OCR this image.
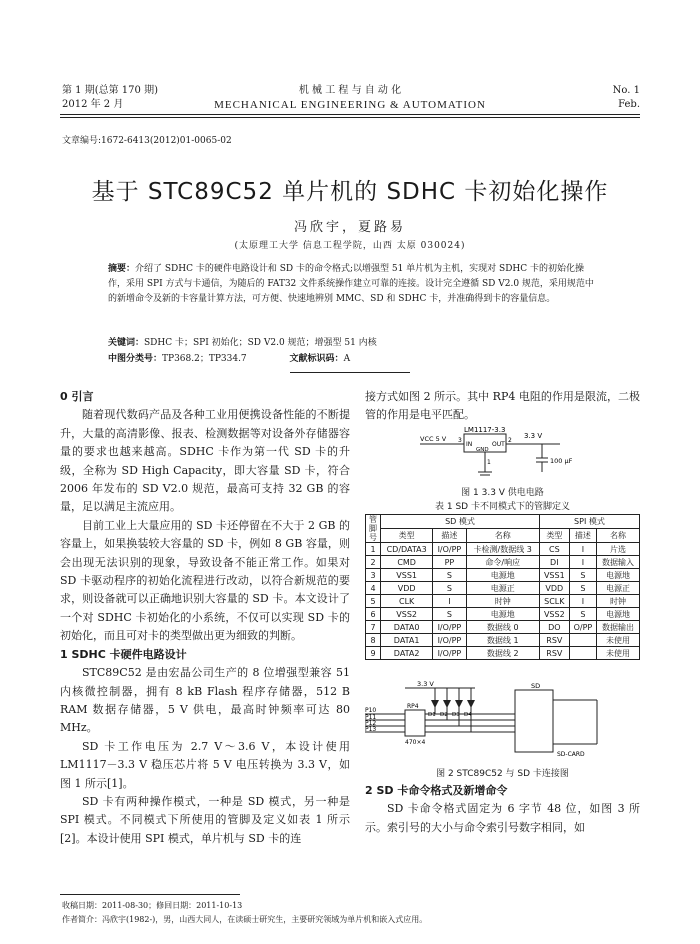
第 1 期(总第 170 期)
2012 年 2 月
机 械 工 程 与 自 动 化
MECHANICAL ENGINEERING & AUTOMATION
No. 1
Feb.
文章编号:1672-6413(2012)01-0065-02
基于 STC89C52 单片机的 SDHC 卡初始化操作
冯欣宇，夏路易
(太原理工大学 信息工程学院，山西 太原 030024)
摘要：介绍了 SDHC 卡的硬件电路设计和 SD 卡的命令格式;以增强型 51 单片机为主机，实现对 SDHC 卡的初始化操作，采用 SPI 方式与卡通信，为随后的 FAT32 文件系统操作建立可靠的连接。设计完全遵循 SD V2.0 规范，采用规范中的新增命令及新的卡容量计算方法，可方便、快速地辨别 MMC、SD 和 SDHC 卡，并准确得到卡的容量信息。
关键词：SDHC 卡；SPI 初始化；SD V2.0 规范；增强型 51 内核
中图分类号：TP368.2；TP334.7	文献标识码：A
0 引言

随着现代数码产品及各种工业用便携设备性能的不断提升，大量的高清影像、报表、检测数据等对设备外存储器容量的要求也越来越高。SDHC 卡作为第一代 SD 卡的升级，全称为 SD High Capacity，即大容量 SD 卡，符合 2006 年发布的 SD V2.0 规范，最高可支持 32 GB 的容量，足以满足主流应用。

目前工业上大量应用的 SD 卡还停留在不大于 2 GB 的容量上，如果换装较大容量的 SD 卡，例如 8 GB 容量，则会出现无法识别的现象，导致设备不能正常工作。如果对 SD 卡驱动程序的初始化流程进行改动，以符合新规范的要求，则设备就可以正确地识别大容量的 SD 卡。本文设计了一个对 SDHC 卡初始化的小系统，不仅可以实现 SD 卡的初始化，而且可对卡的类型做出更为细致的判断。

1 SDHC 卡硬件电路设计

STC89C52 是由宏晶公司生产的 8 位增强型兼容 51 内核微控制器，拥有 8 kB Flash 程序存储器，512 B RAM 数据存储器，5 V 供电，最高时钟频率可达 80 MHz。

SD 卡工作电压为 2.7 V～3.6 V，本设计使用 LM1117－3.3 V 稳压芯片将 5 V 电压转换为 3.3 V，如图 1 所示[1]。

SD 卡有两种操作模式，一种是 SD 模式，另一种是 SPI 模式。不同模式下所使用的管脚及定义如表 1 所示[2]。本设计使用 SPI 模式，单片机与 SD 卡的连

接方式如图 2 所示。其中 RP4 电阻的作用是限流，二极管的作用是电平匹配。

LM1117-3.3
VCC 5 V 3
IN	OUT
2
GND
1
3.3 V
100 μF
图 1 3.3 V 供电电路
表 1 SD 卡不同模式下的管脚定义
管脚号	SD 模式			SPI 模式		
	类型	描述	名称	类型	描述	名称
1	CD/DATA3	I/O/PP	卡检测/数据线 3	CS	I	片选
2	CMD	PP	命令/响应	DI	I	数据输入
3	VSS1	S	电源地	VSS1	S	电源地
4	VDD	S	电源正	VDD	S	电源正
5	CLK	I	时钟	SCLK	I	时钟
6	VSS2	S	电源地	VSS2	S	电源地
7	DATA0	I/O/PP	数据线 0	DO	O/PP	数据输出
8	DATA1	I/O/PP	数据线 1	RSV		未使用
9	DATA2	I/O/PP	数据线 2	RSV		未使用
3.3 V	SD
P10
P11
P12
P13
RP4
470×4
D1 D2 D3 D4
SD-CARD
图 2 STC89C52 与 SD 卡连接图
2 SD 卡命令格式及新增命令

SD 卡命令格式固定为 6 字节 48 位，如图 3 所示。索引号的大小与命令索引号数字相同，如

收稿日期：2011-08-30；修回日期：2011-10-13
作者简介：冯欣宇(1982-)，男，山西大同人，在读硕士研究生，主要研究领域为单片机和嵌入式应用。
